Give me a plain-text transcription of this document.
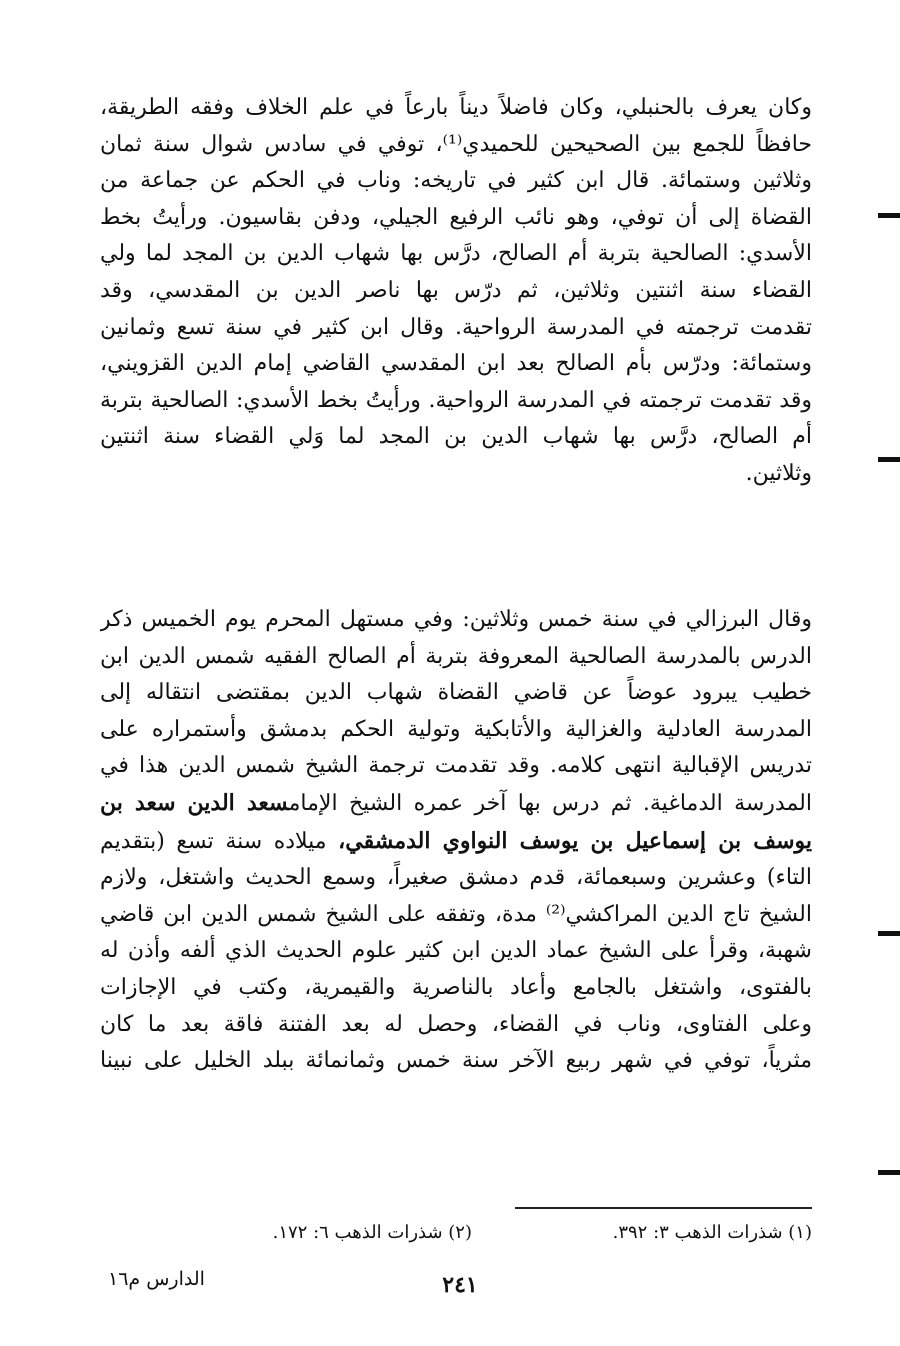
وكان يعرف بالحنبلي، وكان فاضلاً ديناً بارعاً في علم الخلاف وفقه الطريقة،
حافظاً للجمع بين الصحيحين للحميدي⁽¹⁾، توفي في سادس شوال سنة ثمان
وثلاثين وستمائة. قال ابن كثير في تاريخه: وناب في الحكم عن جماعة من
القضاة إلى أن توفي، وهو نائب الرفيع الجيلي، ودفن بقاسيون. ورأيتُ بخط
الأسدي: الصالحية بتربة أم الصالح، درَّس بها شهاب الدين بن المجد لما ولي
القضاء سنة اثنتين وثلاثين، ثم درّس بها ناصر الدين بن المقدسي، وقد
تقدمت ترجمته في المدرسة الرواحية. وقال ابن كثير في سنة تسع وثمانين
وستمائة: ودرّس بأم الصالح بعد ابن المقدسي القاضي إمام الدين القزويني،
وقد تقدمت ترجمته في المدرسة الرواحية. ورأيتُ بخط الأسدي: الصالحية بتربة
أم الصالح، درَّس بها شهاب الدين بن المجد لما وَلي القضاء سنة اثنتين
وثلاثين.
وقال البرزالي في سنة خمس وثلاثين: وفي مستهل المحرم يوم الخميس ذكر
الدرس بالمدرسة الصالحية المعروفة بتربة أم الصالح الفقيه شمس الدين ابن
خطيب يبرود عوضاً عن قاضي القضاة شهاب الدين بمقتضى انتقاله إلى
المدرسة العادلية والغزالية والأتابكية وتولية الحكم بدمشق وأستمراره على
تدريس الإقبالية انتهى كلامه. وقد تقدمت ترجمة الشيخ شمس الدين هذا في
المدرسة الدماغية. ثم درس بها آخر عمره الشيخ الإمامسعد الدين سعد بن
يوسف بن إسماعيل بن يوسف النواوي الدمشقي، ميلاده سنة تسع (بتقديم
التاء) وعشرين وسبعمائة، قدم دمشق صغيراً، وسمع الحديث واشتغل، ولازم
الشيخ تاج الدين المراكشي⁽²⁾ مدة، وتفقه على الشيخ شمس الدين ابن قاضي
شهبة، وقرأ على الشيخ عماد الدين ابن كثير علوم الحديث الذي ألفه وأذن له
بالفتوى، واشتغل بالجامع وأعاد بالناصرية والقيمرية، وكتب في الإجازات
وعلى الفتاوى، وناب في القضاء، وحصل له بعد الفتنة فاقة بعد ما كان
مثرياً، توفي في شهر ربيع الآخر سنة خمس وثمانمائة ببلد الخليل على نبينا
(١) شذرات الذهب ٣: ٣٩٢.
(٢) شذرات الذهب ٦: ١٧٢.
٢٤١
الدارس م١٦
